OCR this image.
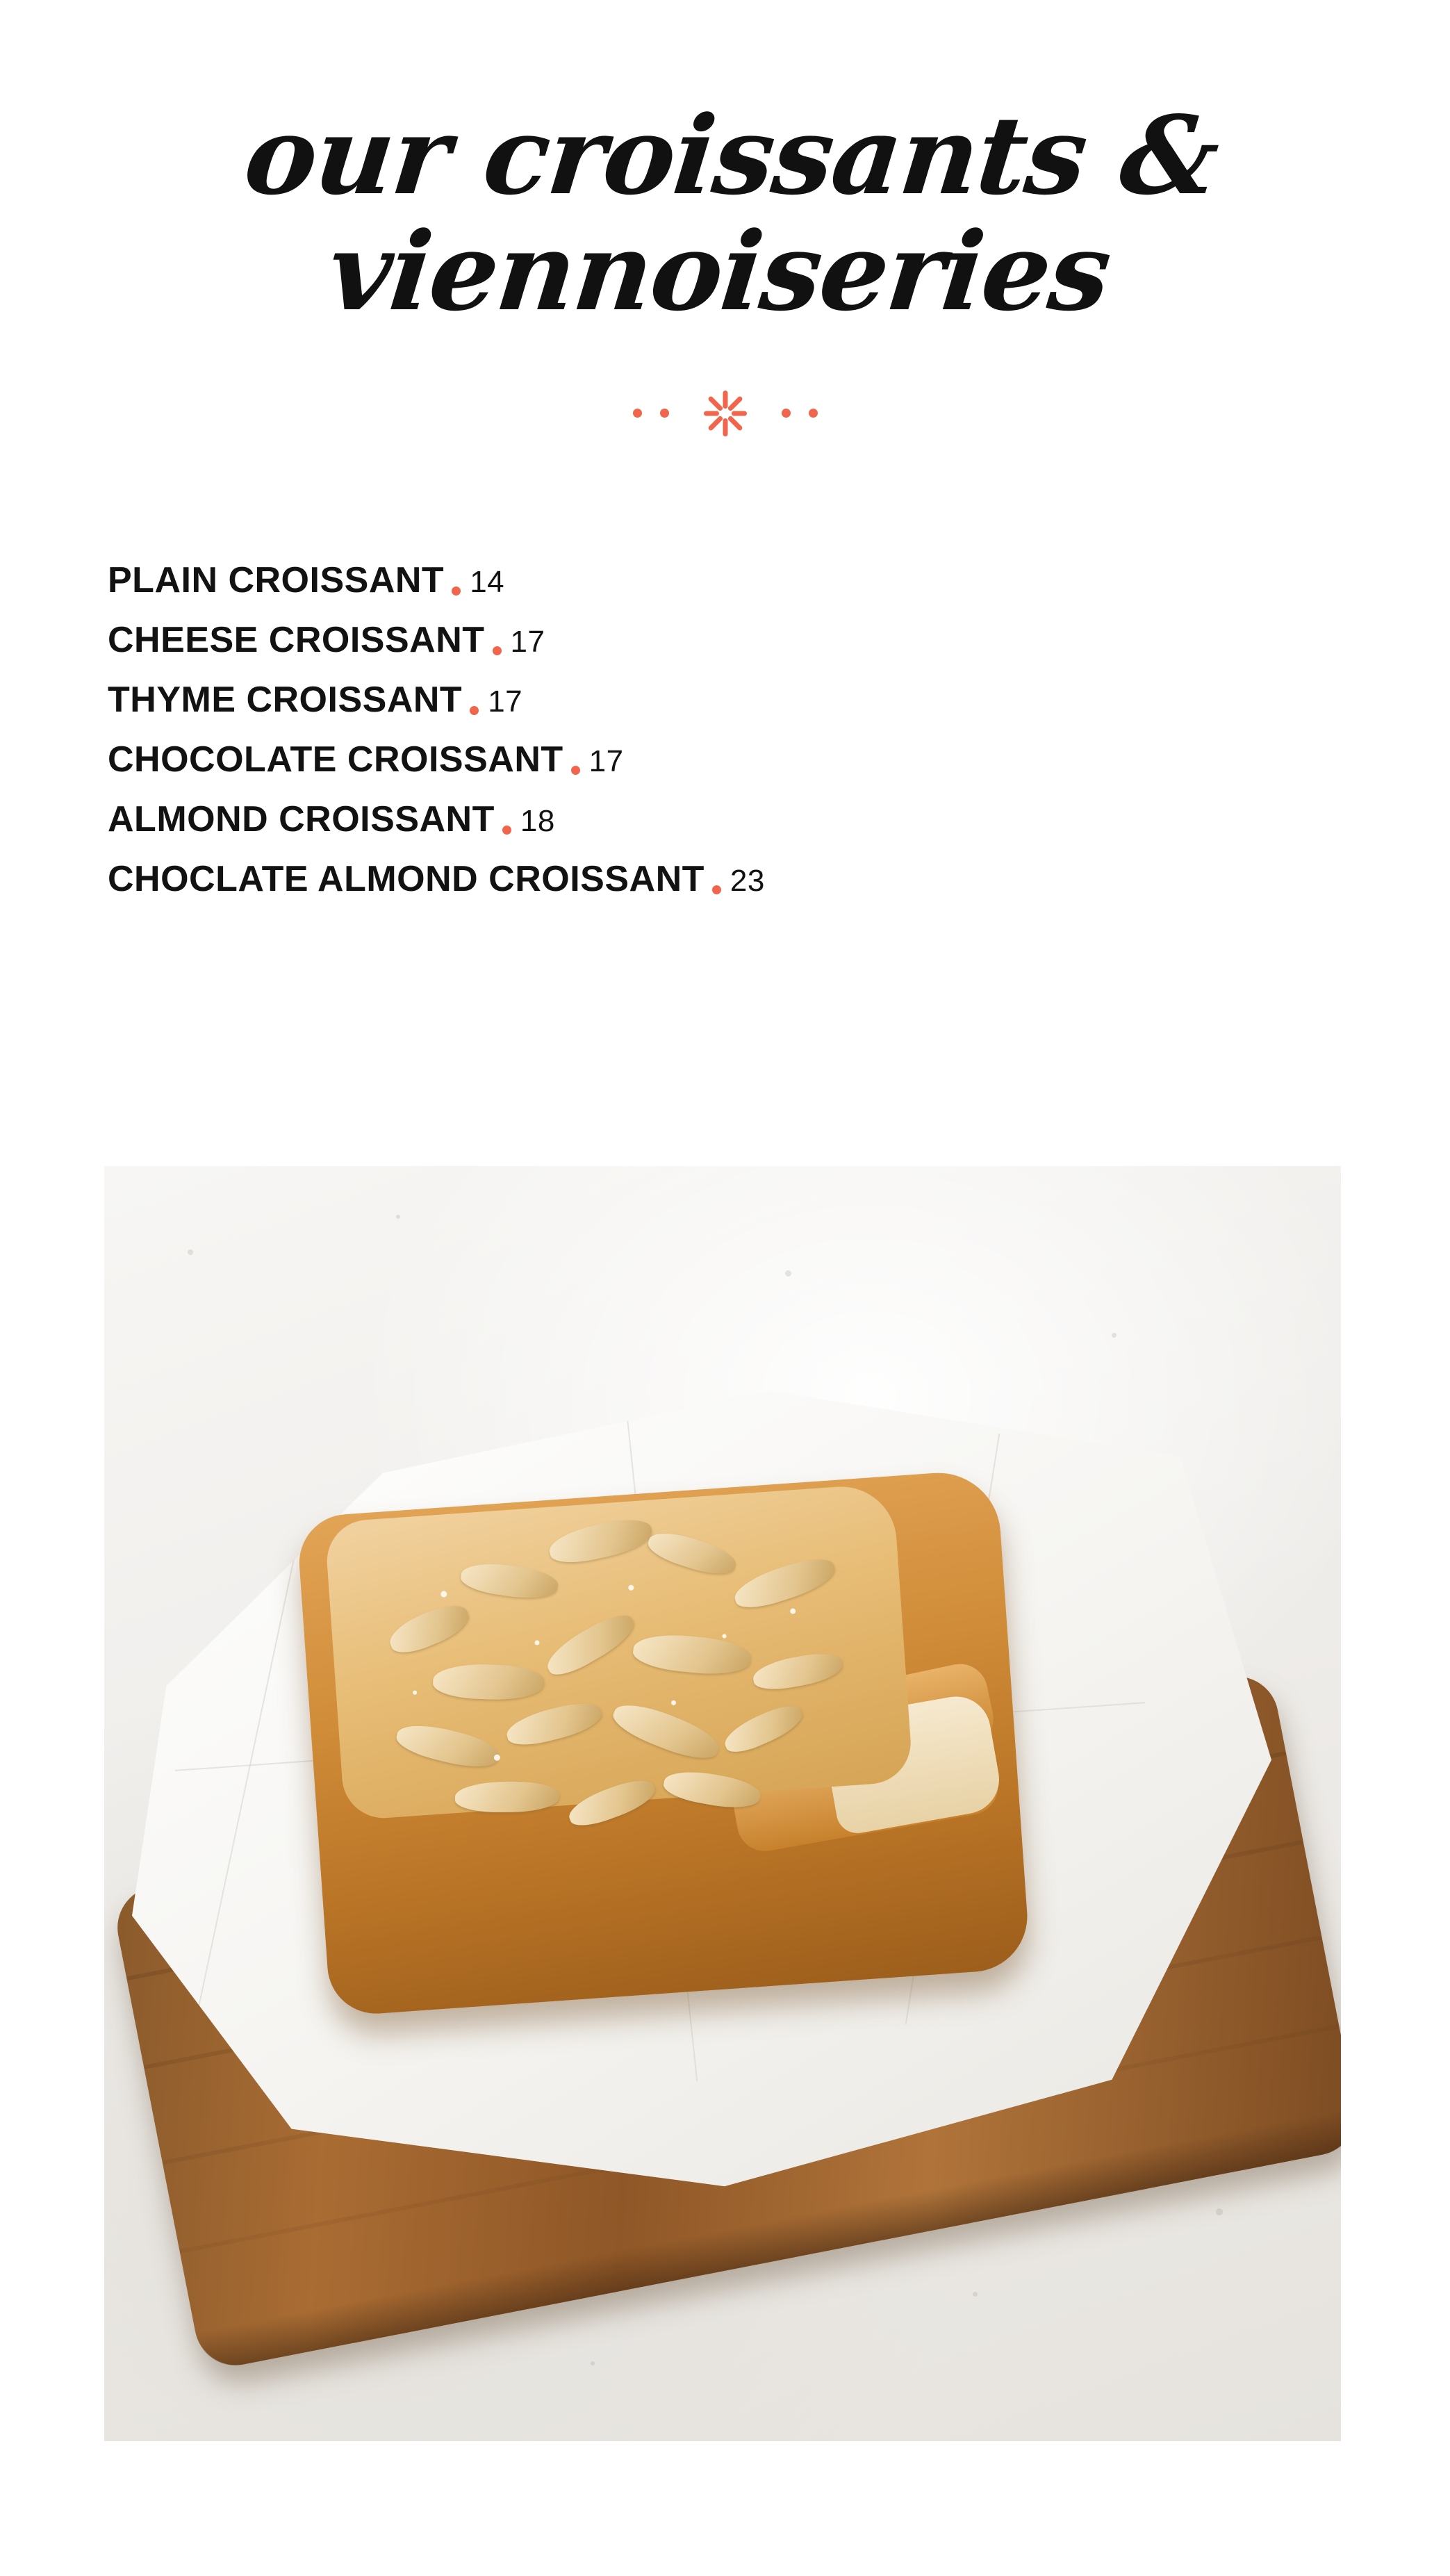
our croissants &
viennoiseries
PLAIN CROISSANT 14
CHEESE CROISSANT 17
THYME CROISSANT 17
CHOCOLATE CROISSANT 17
ALMOND CROISSANT 18
CHOCLATE ALMOND CROISSANT 23
